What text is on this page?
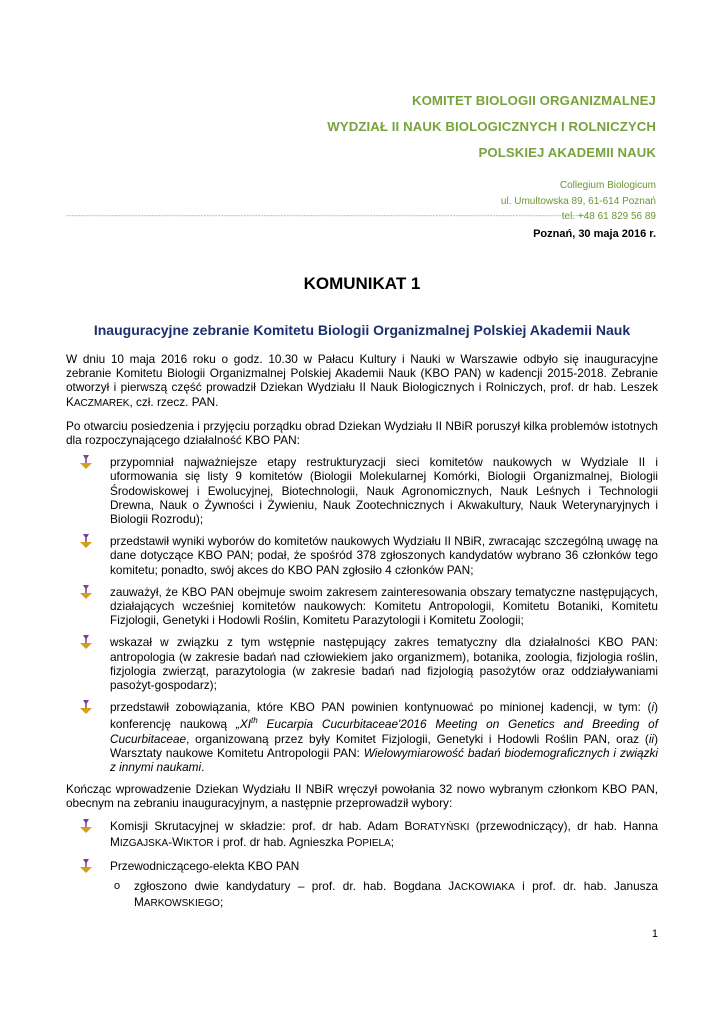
KOMITET BIOLOGII ORGANIZMALNEJ
WYDZIAŁ II NAUK BIOLOGICZNYCH I ROLNICZYCH
POLSKIEJ AKADEMII NAUK
Collegium Biologicum
ul. Umultowska 89, 61-614 Poznań
tel. +48 61 829 56 89
--------------------------------------------------------------------------------------------------------------------------------------------------------------------------------------
Poznań, 30 maja 2016 r.
KOMUNIKAT 1
Inauguracyjne zebranie Komitetu Biologii Organizmalnej Polskiej Akademii Nauk

W dniu 10 maja 2016 roku o godz. 10.30 w Pałacu Kultury i Nauki w Warszawie odbyło się inauguracyjne zebranie Komitetu Biologii Organizmalnej Polskiej Akademii Nauk (KBO PAN) w kadencji 2015-2018. Zebranie otworzył i pierwszą część prowadził Dziekan Wydziału II Nauk Biologicznych i Rolniczych, prof. dr hab. Leszek KACZMAREK, czł. rzecz. PAN.

Po otwarciu posiedzenia i przyjęciu porządku obrad Dziekan Wydziału II NBiR poruszył kilka problemów istotnych dla rozpoczynającego działalność KBO PAN:

przypomniał najważniejsze etapy restrukturyzacji sieci komitetów naukowych w Wydziale II i uformowania się listy 9 komitetów (Biologii Molekularnej Komórki, Biologii Organizmalnej, Biologii Środowiskowej i Ewolucyjnej, Biotechnologii, Nauk Agronomicznych, Nauk Leśnych i Technologii Drewna, Nauk o Żywności i Żywieniu, Nauk Zootechnicznych i Akwakultury, Nauk Weterynaryjnych i Biologii Rozrodu);
przedstawił wyniki wyborów do komitetów naukowych Wydziału II NBiR, zwracając szczególną uwagę na dane dotyczące KBO PAN; podał, że spośród 378 zgłoszonych kandydatów wybrano 36 członków tego komitetu; ponadto, swój akces do KBO PAN zgłosiło 4 członków PAN;
zauważył, że KBO PAN obejmuje swoim zakresem zainteresowania obszary tematyczne następujących, działających wcześniej komitetów naukowych: Komitetu Antropologii, Komitetu Botaniki, Komitetu Fizjologii, Genetyki i Hodowli Roślin, Komitetu Parazytologii i Komitetu Zoologii;
wskazał w związku z tym wstępnie następujący zakres tematyczny dla działalności KBO PAN: antropologia (w zakresie badań nad człowiekiem jako organizmem), botanika, zoologia, fizjologia roślin, fizjologia zwierząt, parazytologia (w zakresie badań nad fizjologią pasożytów oraz oddziaływaniami pasożyt-gospodarz);
przedstawił zobowiązania, które KBO PAN powinien kontynuować po minionej kadencji, w tym: (i) konferencję naukową „XIth Eucarpia Cucurbitaceae'2016 Meeting on Genetics and Breeding of Cucurbitaceae, organizowaną przez były Komitet Fizjologii, Genetyki i Hodowli Roślin PAN, oraz (ii) Warsztaty naukowe Komitetu Antropologii PAN: Wielowymiarowość badań biodemograficznych i związki z innymi naukami.

Kończąc wprowadzenie Dziekan Wydziału II NBiR wręczył powołania 32 nowo wybranym członkom KBO PAN, obecnym na zebraniu inauguracyjnym, a następnie przeprowadził wybory:

Komisji Skrutacyjnej w składzie: prof. dr hab. Adam BORATYŃSKI (przewodniczący), dr hab. Hanna MIZGAJSKA-WIKTOR i prof. dr hab. Agnieszka POPIELA;
Przewodniczącego-elekta KBO PAN
o zgłoszono dwie kandydatury – prof. dr. hab. Bogdana JACKOWIAKA i prof. dr. hab. Janusza MARKOWSKIEGO;
1
